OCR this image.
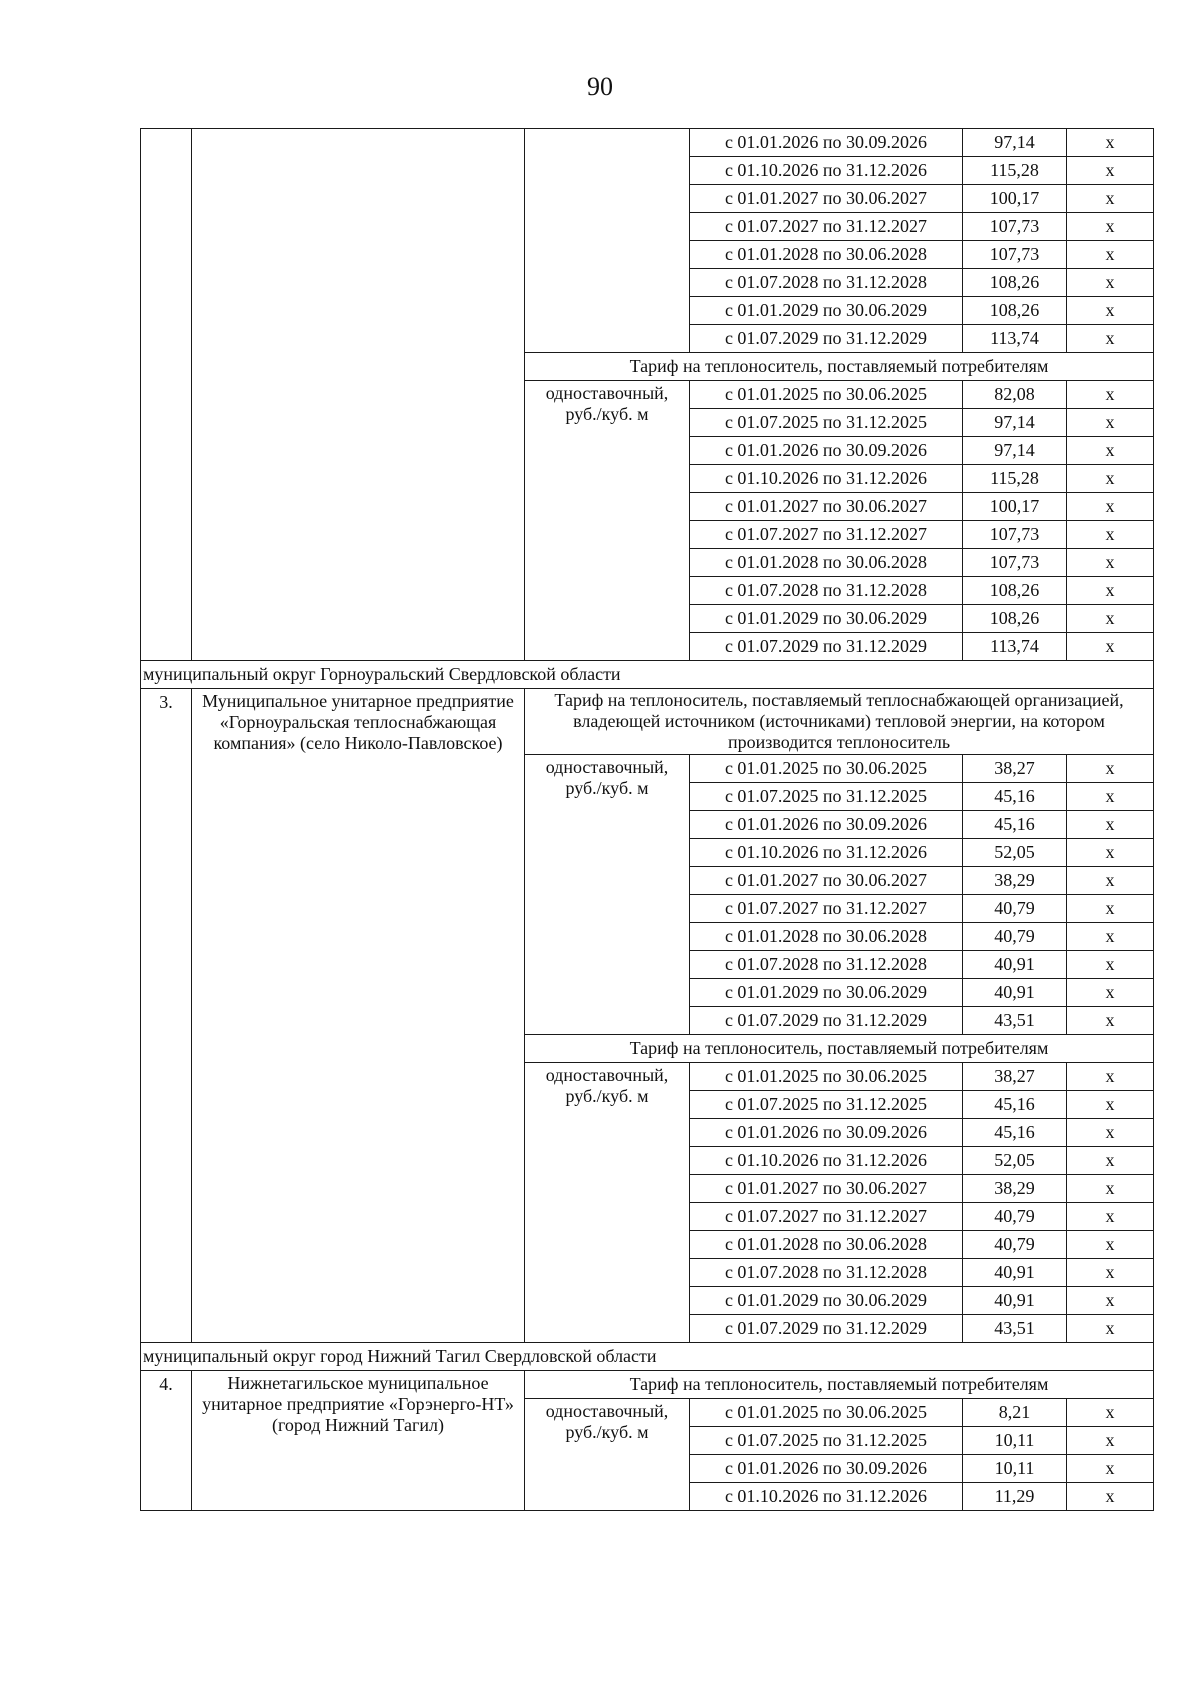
90
			с 01.01.2026 по 30.09.2026	97,14	x
			с 01.10.2026 по 31.12.2026	115,28	x
			с 01.01.2027 по 30.06.2027	100,17	x
			с 01.07.2027 по 31.12.2027	107,73	x
			с 01.01.2028 по 30.06.2028	107,73	x
			с 01.07.2028 по 31.12.2028	108,26	x
			с 01.01.2029 по 30.06.2029	108,26	x
			с 01.07.2029 по 31.12.2029	113,74	x
		Тариф на теплоноситель, поставляемый потребителям			
		одноставочный, руб./куб. м	с 01.01.2025 по 30.06.2025	82,08	x
			с 01.07.2025 по 31.12.2025	97,14	x
			с 01.01.2026 по 30.09.2026	97,14	x
			с 01.10.2026 по 31.12.2026	115,28	x
			с 01.01.2027 по 30.06.2027	100,17	x
			с 01.07.2027 по 31.12.2027	107,73	x
			с 01.01.2028 по 30.06.2028	107,73	x
			с 01.07.2028 по 31.12.2028	108,26	x
			с 01.01.2029 по 30.06.2029	108,26	x
			с 01.07.2029 по 31.12.2029	113,74	x
муниципальный округ Горноуральский Свердловской области					
3.	Муниципальное унитарное предприятие «Горноуральская теплоснабжающая компания» (село Николо-Павловское)	Тариф на теплоноситель, поставляемый теплоснабжающей организацией, владеющей источником (источниками) тепловой энергии, на котором производится теплоноситель			
		одноставочный, руб./куб. м	с 01.01.2025 по 30.06.2025	38,27	x
			с 01.07.2025 по 31.12.2025	45,16	x
			с 01.01.2026 по 30.09.2026	45,16	x
			с 01.10.2026 по 31.12.2026	52,05	x
			с 01.01.2027 по 30.06.2027	38,29	x
			с 01.07.2027 по 31.12.2027	40,79	x
			с 01.01.2028 по 30.06.2028	40,79	x
			с 01.07.2028 по 31.12.2028	40,91	x
			с 01.01.2029 по 30.06.2029	40,91	x
			с 01.07.2029 по 31.12.2029	43,51	x
		Тариф на теплоноситель, поставляемый потребителям			
		одноставочный, руб./куб. м	с 01.01.2025 по 30.06.2025	38,27	x
			с 01.07.2025 по 31.12.2025	45,16	x
			с 01.01.2026 по 30.09.2026	45,16	x
			с 01.10.2026 по 31.12.2026	52,05	x
			с 01.01.2027 по 30.06.2027	38,29	x
			с 01.07.2027 по 31.12.2027	40,79	x
			с 01.01.2028 по 30.06.2028	40,79	x
			с 01.07.2028 по 31.12.2028	40,91	x
			с 01.01.2029 по 30.06.2029	40,91	x
			с 01.07.2029 по 31.12.2029	43,51	x
муниципальный округ город Нижний Тагил Свердловской области					
4.	Нижнетагильское муниципальное унитарное предприятие «Горэнерго-НТ» (город Нижний Тагил)	Тариф на теплоноситель, поставляемый потребителям			
		одноставочный, руб./куб. м	с 01.01.2025 по 30.06.2025	8,21	x
			с 01.07.2025 по 31.12.2025	10,11	x
			с 01.01.2026 по 30.09.2026	10,11	x
			с 01.10.2026 по 31.12.2026	11,29	x
